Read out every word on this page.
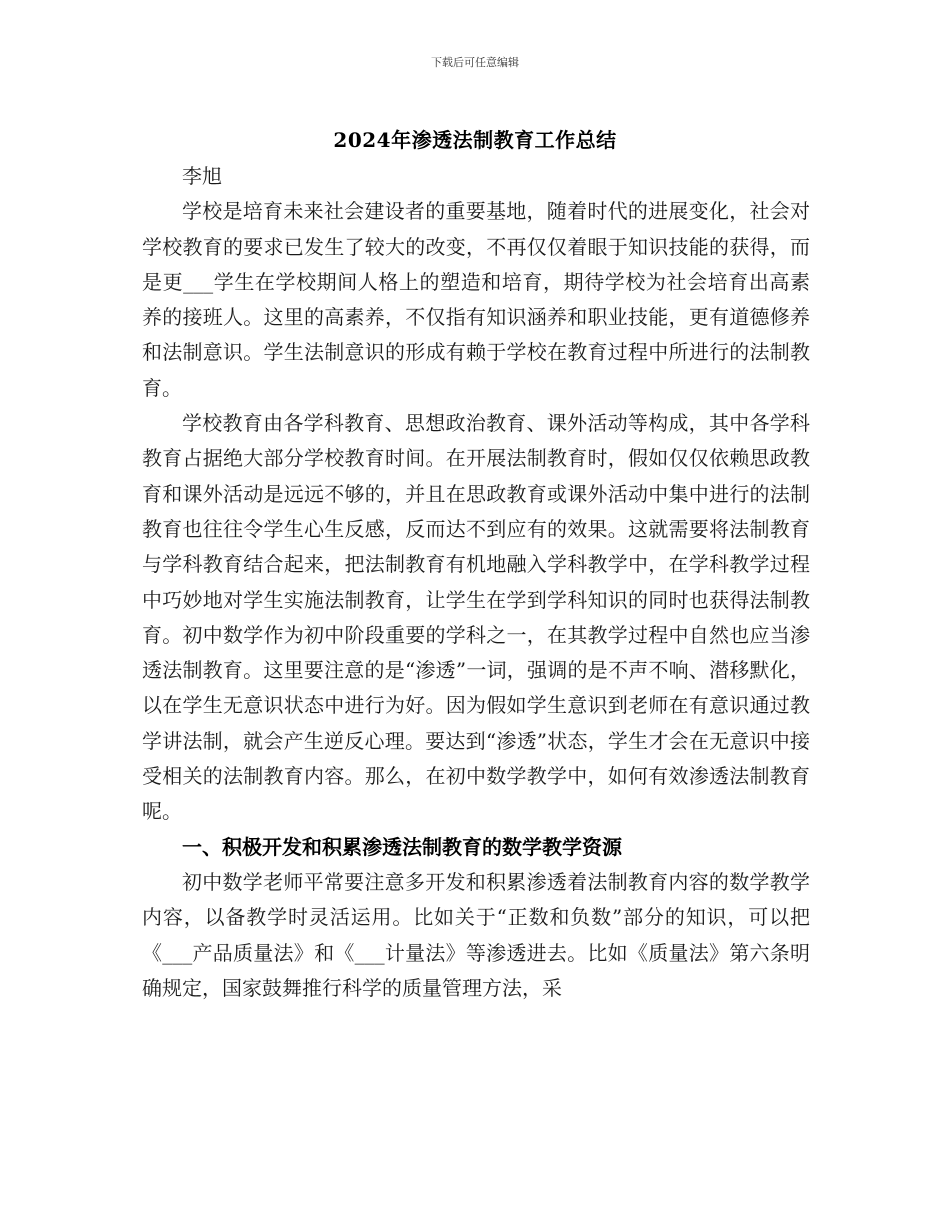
下载后可任意编辑
2024年渗透法制教育工作总结

李旭

学校是培育未来社会建设者的重要基地，随着时代的进展变化，社会对学校教育的要求已发生了较大的改变，不再仅仅着眼于知识技能的获得，而是更___学生在学校期间人格上的塑造和培育，期待学校为社会培育出高素养的接班人。这里的高素养，不仅指有知识涵养和职业技能，更有道德修养和法制意识。学生法制意识的形成有赖于学校在教育过程中所进行的法制教育。

学校教育由各学科教育、思想政治教育、课外活动等构成，其中各学科教育占据绝大部分学校教育时间。在开展法制教育时，假如仅仅依赖思政教育和课外活动是远远不够的，并且在思政教育或课外活动中集中进行的法制教育也往往令学生心生反感，反而达不到应有的效果。这就需要将法制教育与学科教育结合起来，把法制教育有机地融入学科教学中，在学科教学过程中巧妙地对学生实施法制教育，让学生在学到学科知识的同时也获得法制教育。初中数学作为初中阶段重要的学科之一，在其教学过程中自然也应当渗透法制教育。这里要注意的是“渗透”一词，强调的是不声不响、潜移默化，以在学生无意识状态中进行为好。因为假如学生意识到老师在有意识通过教学讲法制，就会产生逆反心理。要达到“渗透”状态，学生才会在无意识中接受相关的法制教育内容。那么，在初中数学教学中，如何有效渗透法制教育呢。

一、积极开发和积累渗透法制教育的数学教学资源

初中数学老师平常要注意多开发和积累渗透着法制教育内容的数学教学内容，以备教学时灵活运用。比如关于“正数和负数”部分的知识，可以把《___产品质量法》和《___计量法》等渗透进去。比如《质量法》第六条明确规定，国家鼓舞推行科学的质量管理方法，采
